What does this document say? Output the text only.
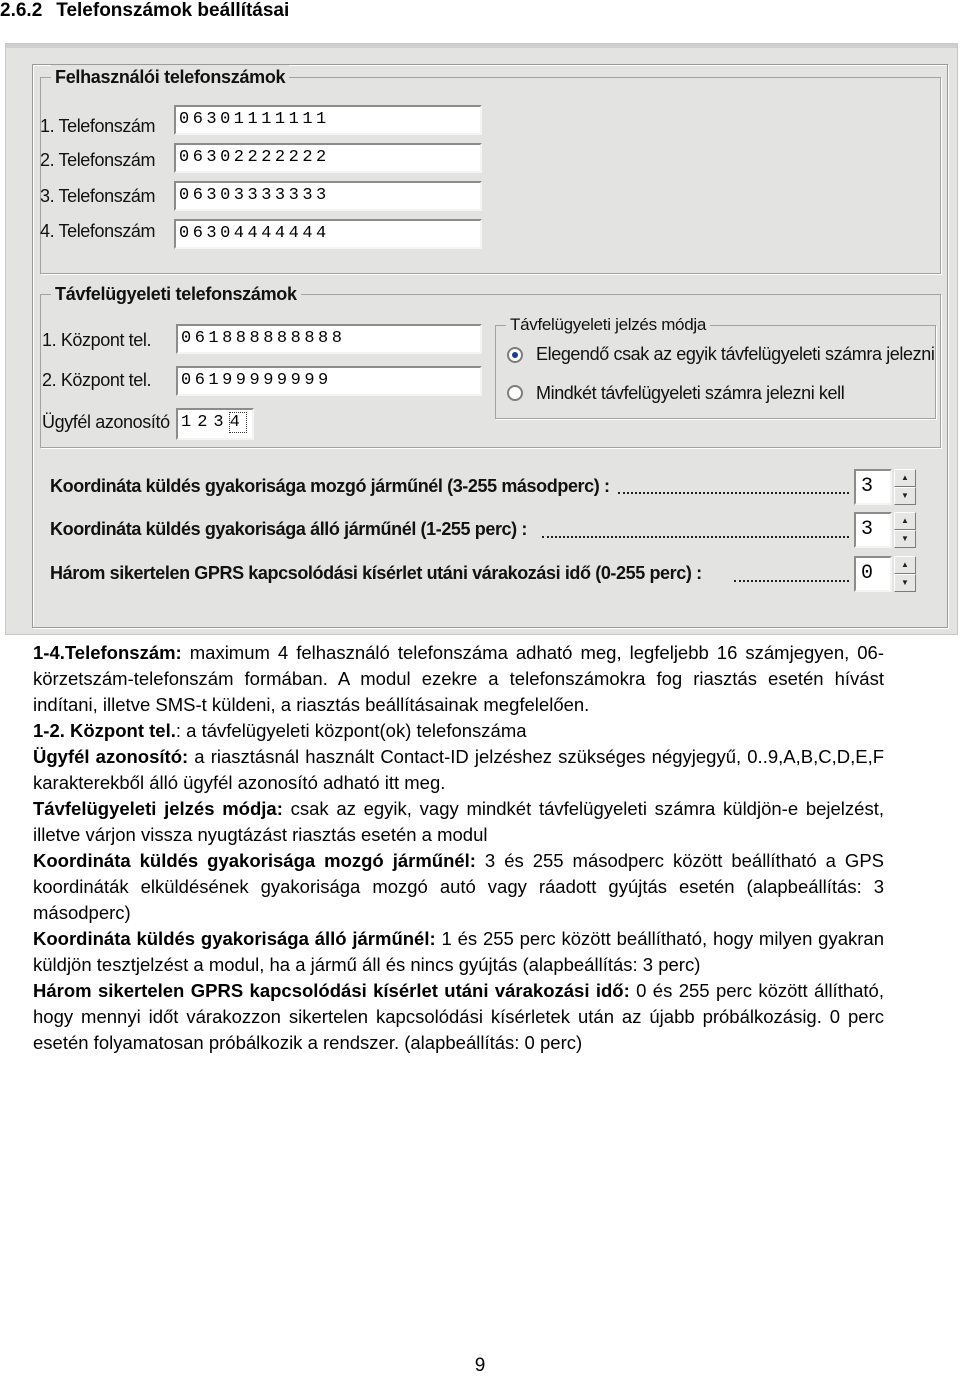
2.6.2 Telefonszámok beállításai
Felhasználói telefonszámok
1. Telefonszám 06301111111
2. Telefonszám 06302222222
3. Telefonszám 06303333333
4. Telefonszám 06304444444
Távfelügyeleti telefonszámok
1. Központ tel. 061888888888
2. Központ tel. 06199999999
Ügyfél azonosító 1234
Távfelügyeleti jelzés módja
Elegendő csak az egyik távfelügyeleti számra jelezni
Mindkét távfelügyeleti számra jelezni kell
Koordináta küldés gyakorisága mozgó járműnél (3-255 másodperc) :	3	▲
▼
Koordináta küldés gyakorisága álló járműnél (1-255 perc) :	3	▲
▼
Három sikertelen GPRS kapcsolódási kísérlet utáni várakozási idő (0-255 perc) :	0	▲
▼

1-4.Telefonszám: maximum 4 felhasználó telefonszáma adható meg, legfeljebb 16 számjegyen, 06-körzetszám-telefonszám formában. A modul ezekre a telefonszámokra fog riasztás esetén hívást indítani, illetve SMS-t küldeni, a riasztás beállításainak megfelelően.

1-2. Központ tel.: a távfelügyeleti központ(ok) telefonszáma

Ügyfél azonosító: a riasztásnál használt Contact-ID jelzéshez szükséges négyjegyű, 0..9,A,B,C,D,E,F karakterekből álló ügyfél azonosító adható itt meg.

Távfelügyeleti jelzés módja: csak az egyik, vagy mindkét távfelügyeleti számra küldjön-e bejelzést, illetve várjon vissza nyugtázást riasztás esetén a modul

Koordináta küldés gyakorisága mozgó járműnél: 3 és 255 másodperc között beállítható a GPS koordináták elküldésének gyakorisága mozgó autó vagy ráadott gyújtás esetén (alapbeállítás: 3 másodperc)

Koordináta küldés gyakorisága álló járműnél: 1 és 255 perc között beállítható, hogy milyen gyakran küldjön tesztjelzést a modul, ha a jármű áll és nincs gyújtás (alapbeállítás: 3 perc)

Három sikertelen GPRS kapcsolódási kísérlet utáni várakozási idő: 0 és 255 perc között állítható, hogy mennyi időt várakozzon sikertelen kapcsolódási kísérletek után az újabb próbálkozásig. 0 perc esetén folyamatosan próbálkozik a rendszer. (alapbeállítás: 0 perc)

9
